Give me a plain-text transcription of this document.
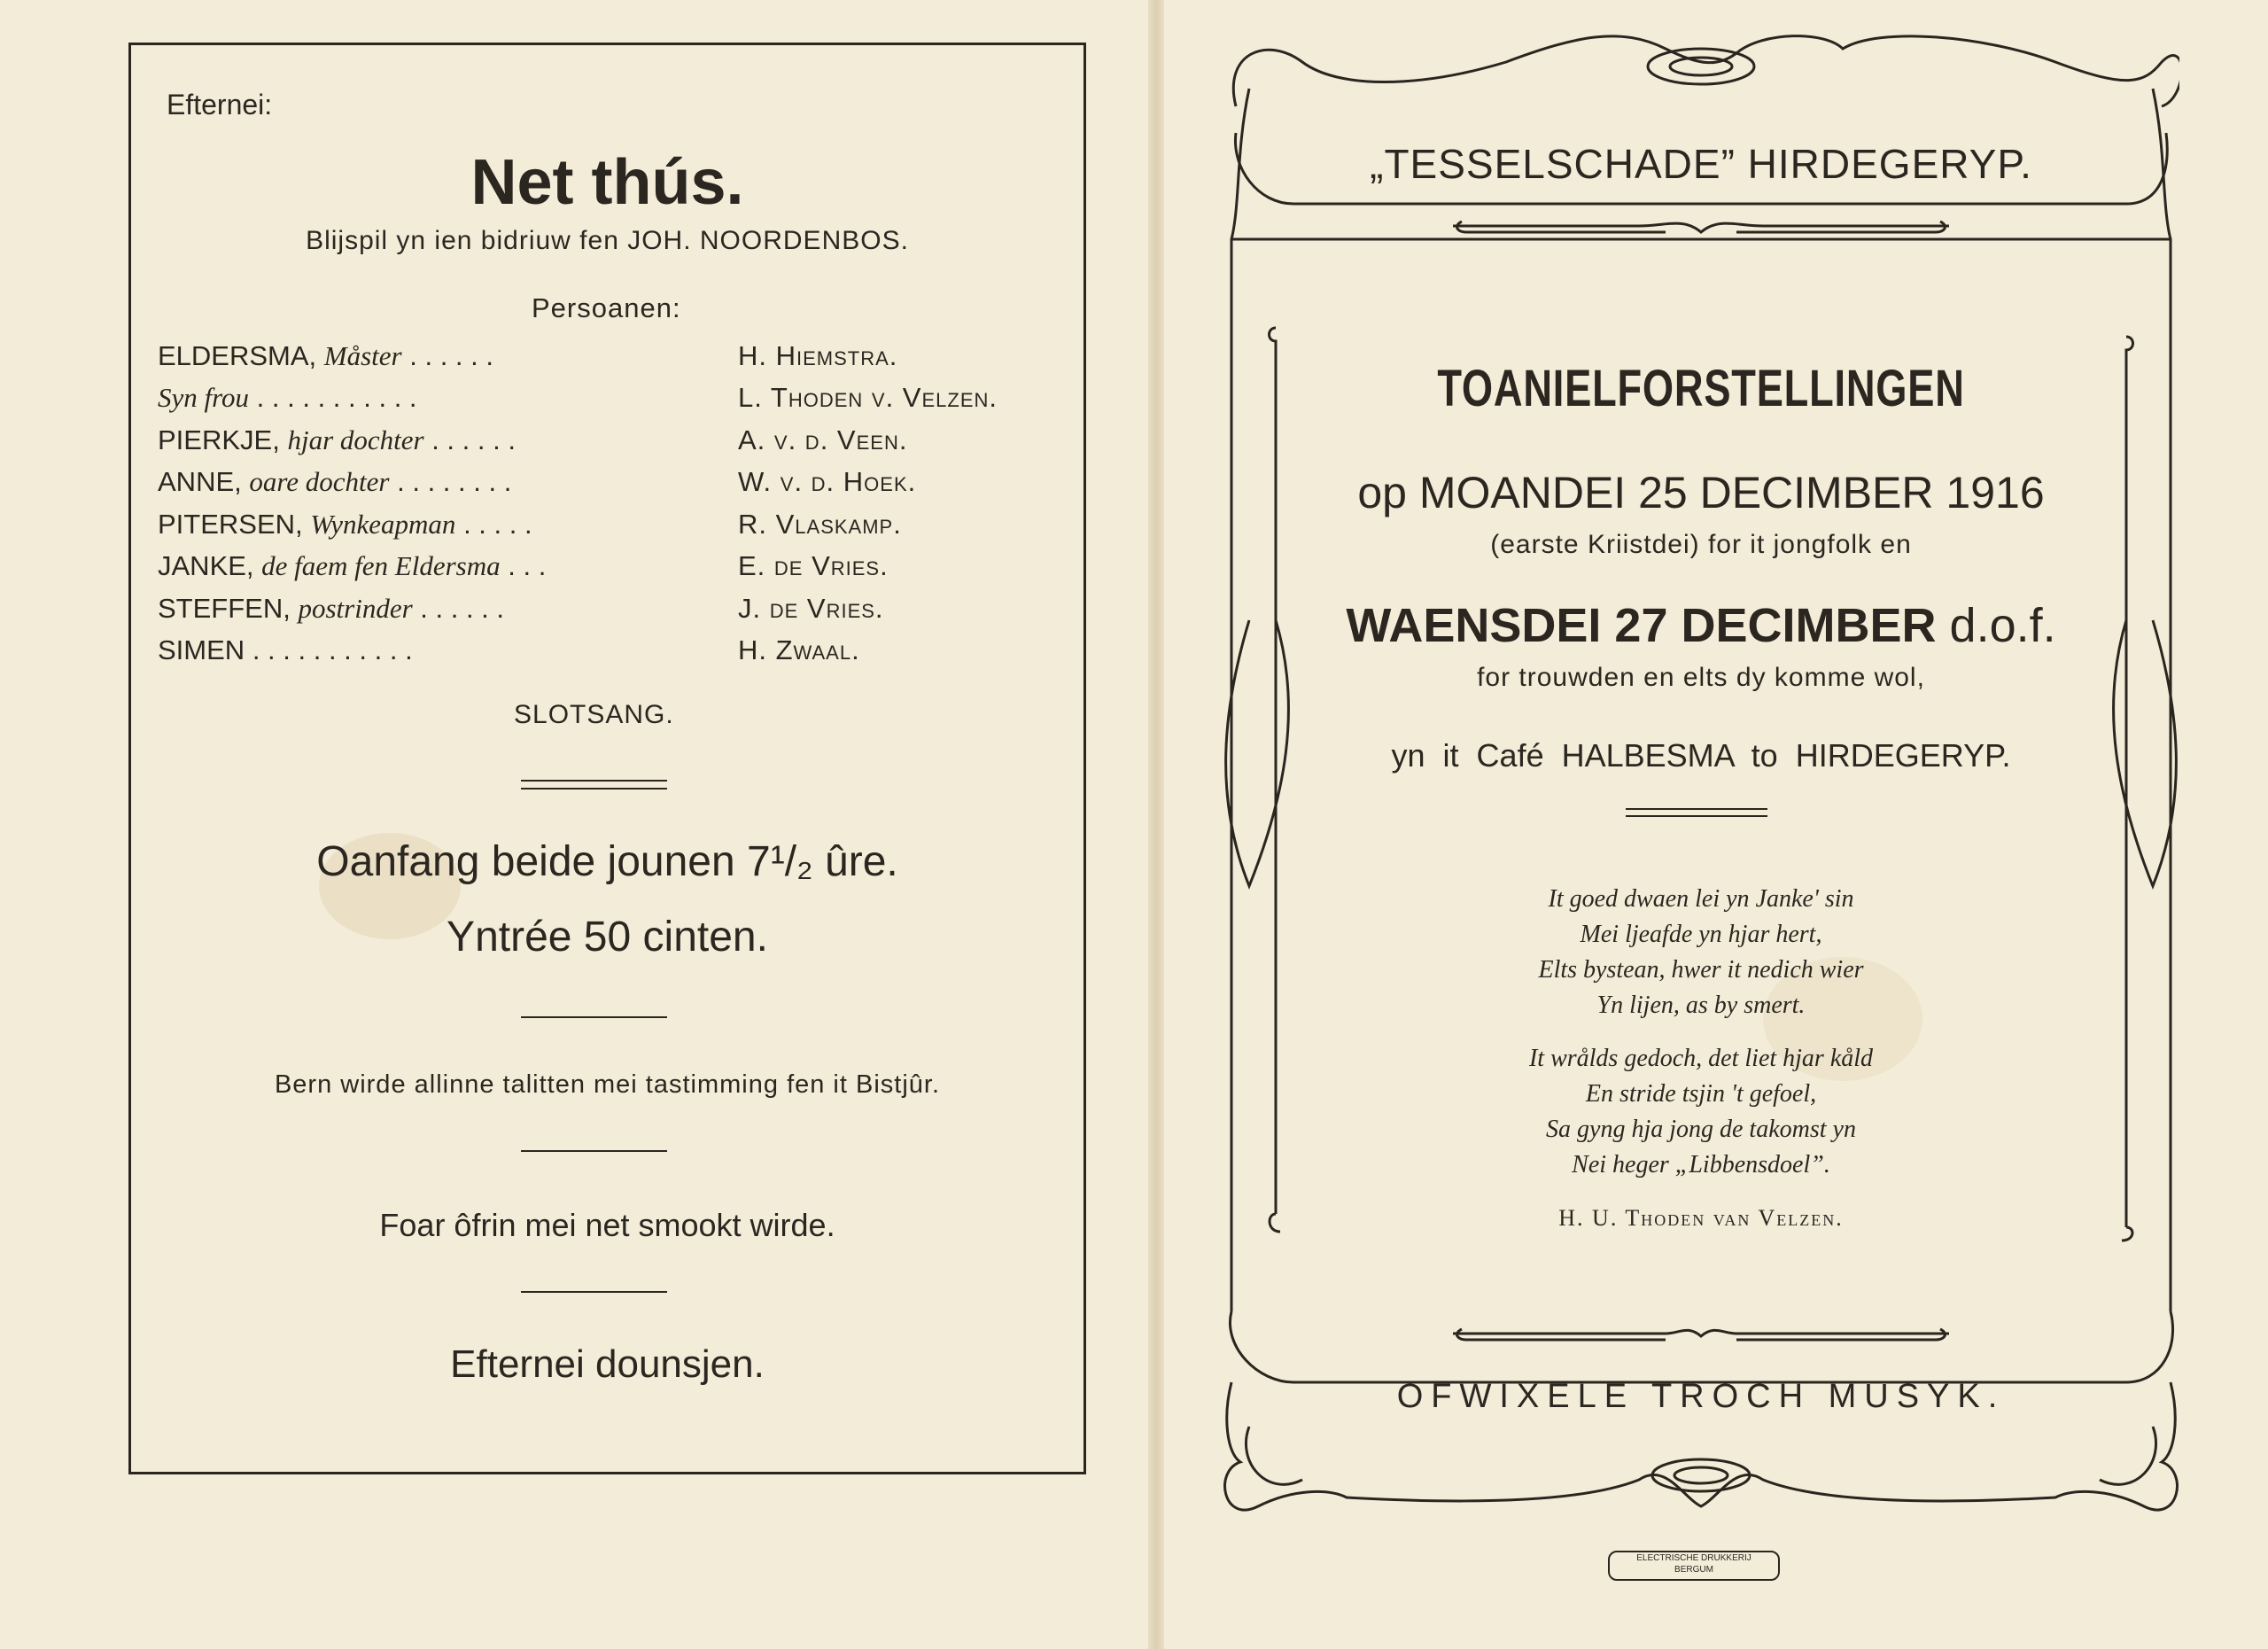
Efternei:
Net thús.
Blijspil yn ien bidriuw fen JOH. NOORDENBOS.
Persoanen:
ELDERSMA, Måster . . . . . .	H. Hiemstra.
Syn frou . . . . . . . . . . .	L. Thoden v. Velzen.
PIERKJE, hjar dochter . . . . . .	A. v. d. Veen.
ANNE, oare dochter . . . . . . . .	W. v. d. Hoek.
PITERSEN, Wynkeapman . . . . .	R. Vlaskamp.
JANKE, de faem fen Eldersma . . .	E. de Vries.
STEFFEN, postrinder . . . . . .	J. de Vries.
SIMEN . . . . . . . . . . .	H. Zwaal.
SLOTSANG.
Oanfang beide jounen 7¹/₂ ûre.
Yntrée 50 cinten.
Bern wirde allinne talitten mei tastimming fen it Bistjûr.
Foar ôfrin mei net smookt wirde.
Efternei dounsjen.
„TESSELSCHADE” HIRDEGERYP.
TOANIELFORSTELLINGEN
op MOANDEI 25 DECIMBER 1916
(earste Kriistdei) for it jongfolk en
WAENSDEI 27 DECIMBER d.o.f.
for trouwden en elts dy komme wol,
yn it Café HALBESMA to HIRDEGERYP.
It goed dwaen lei yn Janke' sin
Mei ljeafde yn hjar hert,
Elts bystean, hwer it nedich wier
Yn lijen, as by smert.
It wrålds gedoch, det liet hjar kåld
En stride tsjin 't gefoel,
Sa gyng hja jong de takomst yn
Nei heger „Libbensdoel”.
H. U. Thoden van Velzen.
OFWIXELE TROCH MUSYK.
ELECTRISCHE DRUKKERIJ
BERGUM
